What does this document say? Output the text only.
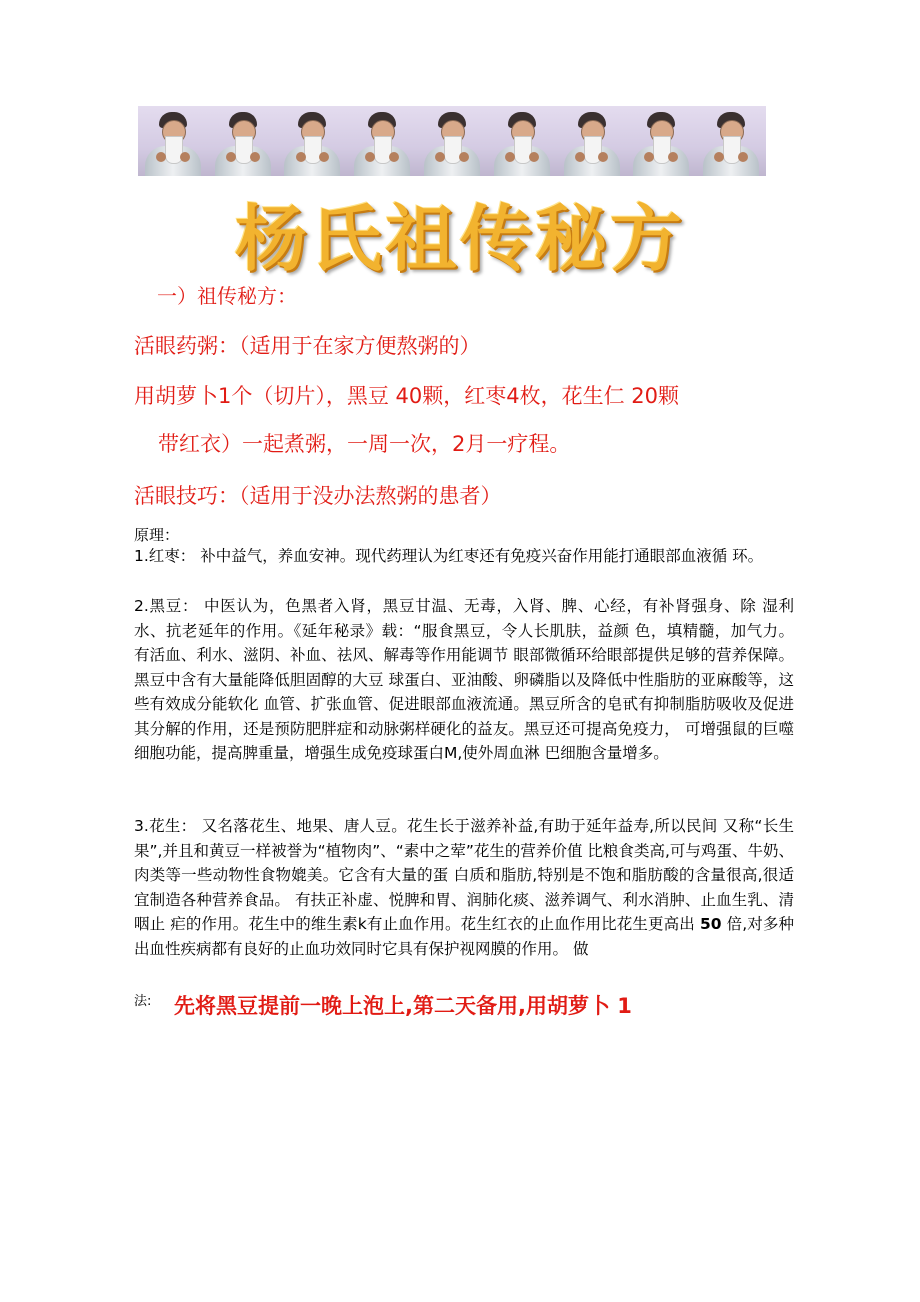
杨氏祖传秘方
一）祖传秘方：
活眼药粥：（适用于在家方便熬粥的）
用胡萝卜1个（切片），黑豆 40颗，红枣4枚，花生仁 20颗
带红衣）一起煮粥，一周一次，2月一疗程。
活眼技巧：（适用于没办法熬粥的患者）
原理：
1.红枣： 补中益气，养血安神。现代药理认为红枣还有免疫兴奋作用能打通眼部血液循 环。
2.黑豆： 中医认为，色黑者入肾，黑豆甘温、无毒，入肾、脾、心经，有补肾强身、除 湿利水、抗老延年的作用。《延年秘录》载：“服食黑豆，令人长肌肤，益颜 色，填精髓，加气力。 有活血、利水、滋阴、补血、祛风、解毒等作用能调节 眼部微循环给眼部提供足够的营养保障。黑豆中含有大量能降低胆固醇的大豆 球蛋白、亚油酸、卵磷脂以及降低中性脂肪的亚麻酸等，这些有效成分能软化 血管、扩张血管、促进眼部血液流通。黑豆所含的皂甙有抑制脂肪吸收及促进 其分解的作用，还是预防肥胖症和动脉粥样硬化的益友。黑豆还可提高免疫力， 可增强鼠的巨噬细胞功能，提高脾重量，增强生成免疫球蛋白M,使外周血淋 巴细胞含量增多。
3.花生： 又名落花生、地果、唐人豆。花生长于滋养补益,有助于延年益寿,所以民间 又称“长生果”,并且和黄豆一样被誉为“植物肉”、“素中之荤”花生的营养价值 比粮食类高,可与鸡蛋、牛奶、肉类等一些动物性食物媲美。它含有大量的蛋 白质和脂肪,特别是不饱和脂肪酸的含量很高,很适宜制造各种营养食品。 有扶正补虚、悦脾和胃、润肺化痰、滋养调气、利水消肿、止血生乳、清咽止 疟的作用。花生中的维生素k有止血作用。花生红衣的止血作用比花生更高出 50 倍,对多种出血性疾病都有良好的止血功效同时它具有保护视网膜的作用。 做
法: 先将黑豆提前一晚上泡上,第二天备用,用胡萝卜 1
